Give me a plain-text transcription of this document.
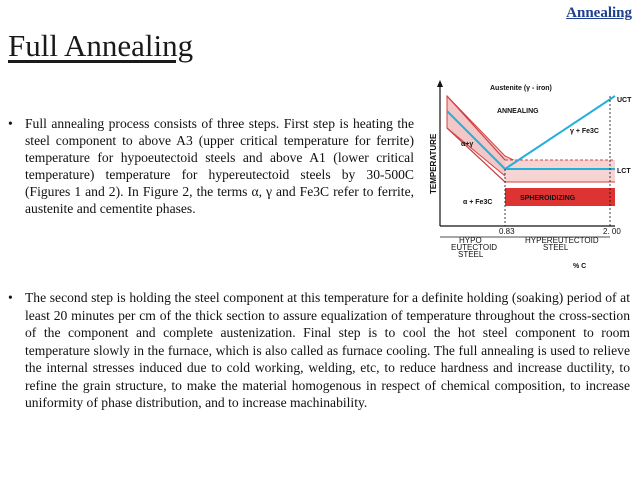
Annealing
Full Annealing
• Full annealing process consists of three steps. First step is heating the steel component to above A3 (upper critical temperature for ferrite) temperature for hypoeutectoid steels and above A1 (lower critical temperature) temperature for hypereutectoid steels by 30-500C (Figures 1 and 2). In Figure 2, the terms α, γ and Fe3C refer to ferrite, austenite and cementite phases.
TEMPERATURE
Austenite (γ - iron)
ANNEALING
SPHEROIDIZING
UCT
LCT
α+γ
γ + Fe3C
α + Fe3C
0.83	2. 00
HYPO
EUTECTOID
STEEL
HYPEREUTECTOID
STEEL
% C
• The second step is holding the steel component at this temperature for a definite holding (soaking) period of at least 20 minutes per cm of the thick section to assure equalization of temperature throughout the cross-section of the component and complete austenization. Final step is to cool the hot steel component to room temperature slowly in the furnace, which is also called as furnace cooling. The full annealing is used to relieve the internal stresses induced due to cold working, welding, etc, to reduce hardness and increase ductility, to refine the grain structure, to make the material homogenous in respect of chemical composition, to increase uniformity of phase distribution, and to increase machinability.
